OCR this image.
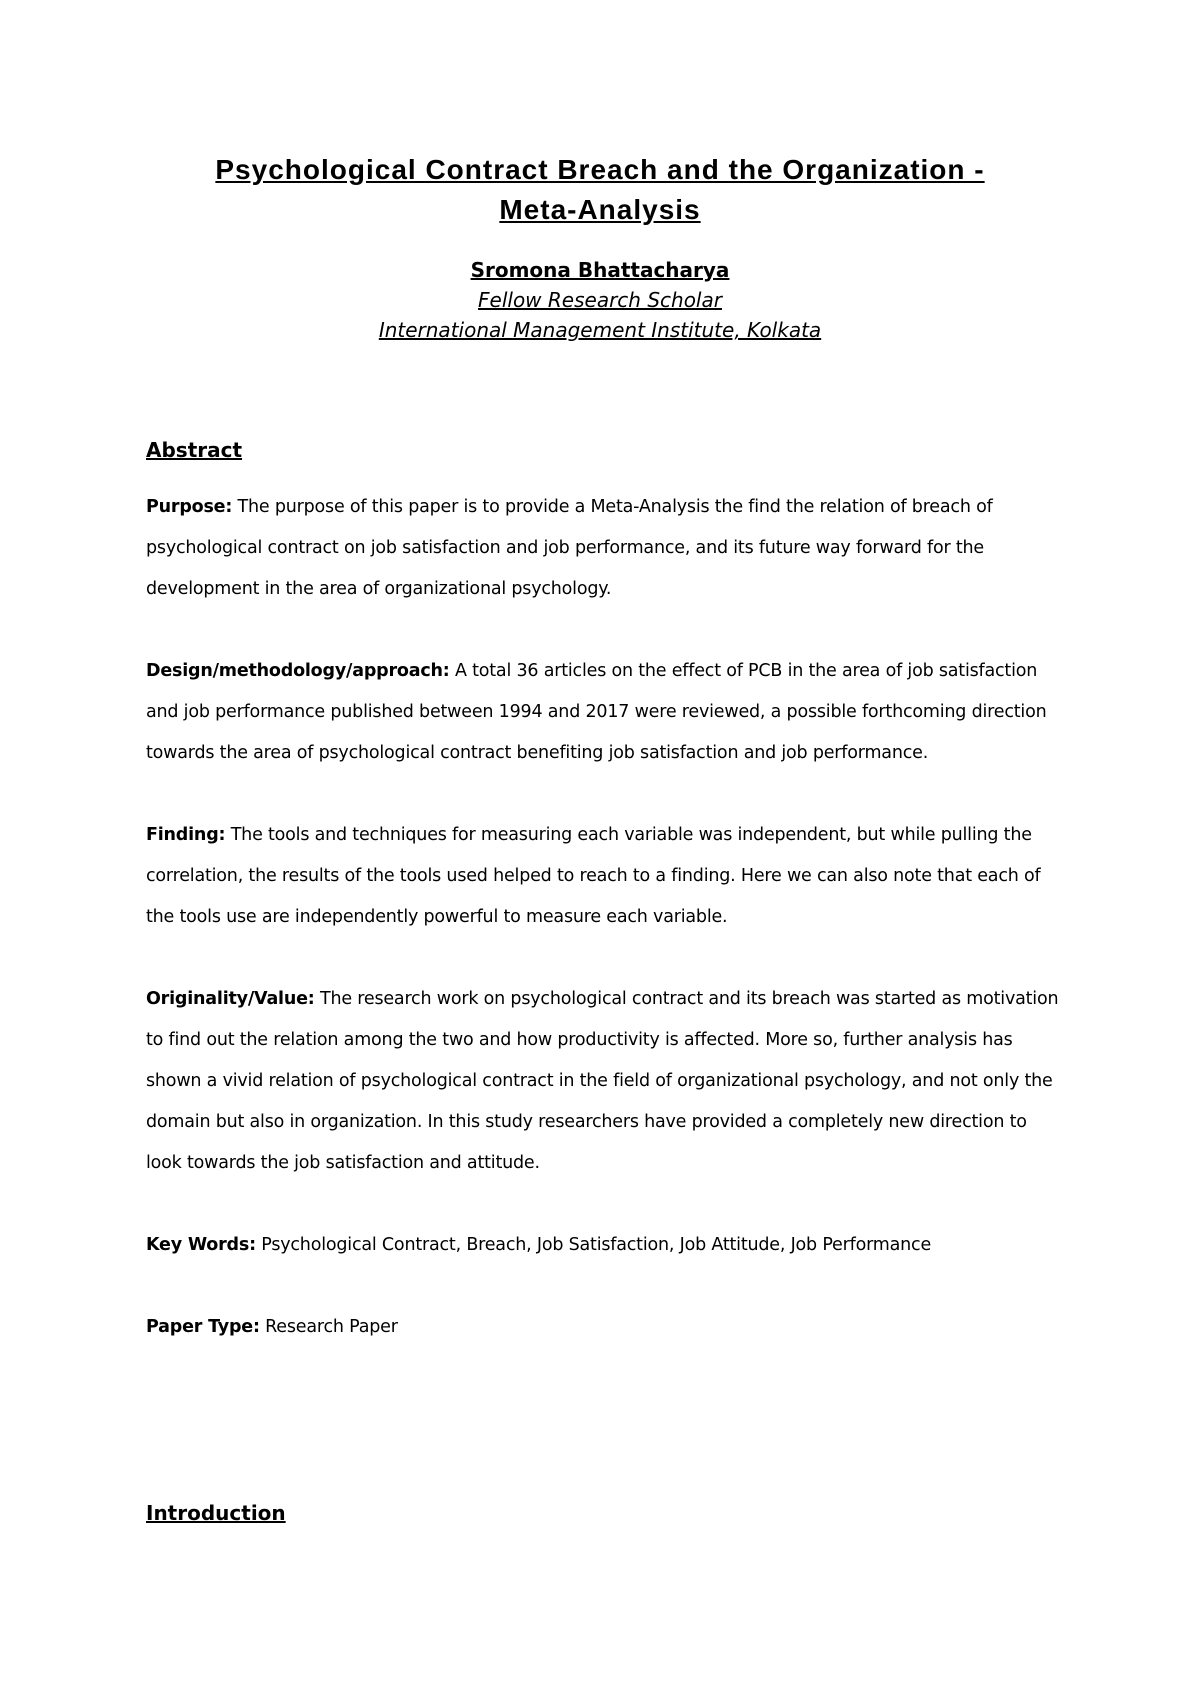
Psychological Contract Breach and the Organization -
Meta-Analysis
Sromona Bhattacharya
Fellow Research Scholar
International Management Institute, Kolkata
Abstract

Purpose: The purpose of this paper is to provide a Meta-Analysis the find the relation of breach of psychological contract on job satisfaction and job performance, and its future way forward for the development in the area of organizational psychology.

Design/methodology/approach: A total 36 articles on the effect of PCB in the area of job satisfaction and job performance published between 1994 and 2017 were reviewed, a possible forthcoming direction towards the area of psychological contract benefiting job satisfaction and job performance.

Finding: The tools and techniques for measuring each variable was independent, but while pulling the correlation, the results of the tools used helped to reach to a finding. Here we can also note that each of the tools use are independently powerful to measure each variable.

Originality/Value: The research work on psychological contract and its breach was started as motivation to find out the relation among the two and how productivity is affected. More so, further analysis has shown a vivid relation of psychological contract in the field of organizational psychology, and not only the domain but also in organization. In this study researchers have provided a completely new direction to look towards the job satisfaction and attitude.

Key Words: Psychological Contract, Breach, Job Satisfaction, Job Attitude, Job Performance

Paper Type: Research Paper

Introduction
